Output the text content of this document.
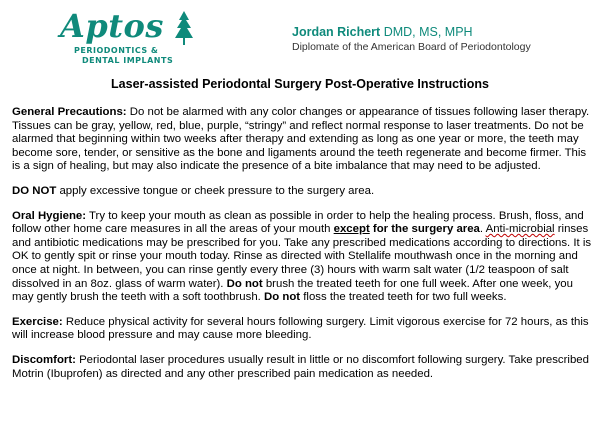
Aptos
PERIODONTICS &
DENTAL IMPLANTS
Jordan Richert DMD, MS, MPH
Diplomate of the American Board of Periodontology
Laser-assisted Periodontal Surgery Post-Operative Instructions

General Precautions: Do not be alarmed with any color changes or appearance of tissues following laser therapy. Tissues can be gray, yellow, red, blue, purple, “stringy” and reflect normal response to laser treatments. Do not be alarmed that beginning within two weeks after therapy and extending as long as one year or more, the teeth may become sore, tender, or sensitive as the bone and ligaments around the teeth regenerate and become firmer. This is a sign of healing, but may also indicate the presence of a bite imbalance that may need to be adjusted.

DO NOT apply excessive tongue or cheek pressure to the surgery area.

Oral Hygiene: Try to keep your mouth as clean as possible in order to help the healing process. Brush, floss, and follow other home care measures in all the areas of your mouth except for the surgery area. Anti-microbial rinses and antibiotic medications may be prescribed for you. Take any prescribed medications according to directions. It is OK to gently spit or rinse your mouth today. Rinse as directed with Stellalife mouthwash once in the morning and once at night. In between, you can rinse gently every three (3) hours with warm salt water (1/2 teaspoon of salt dissolved in an 8oz. glass of warm water). Do not brush the treated teeth for one full week. After one week, you may gently brush the teeth with a soft toothbrush. Do not floss the treated teeth for two full weeks.

Exercise: Reduce physical activity for several hours following surgery. Limit vigorous exercise for 72 hours, as this will increase blood pressure and may cause more bleeding.

Discomfort: Periodontal laser procedures usually result in little or no discomfort following surgery. Take prescribed Motrin (Ibuprofen) as directed and any other prescribed pain medication as needed.
